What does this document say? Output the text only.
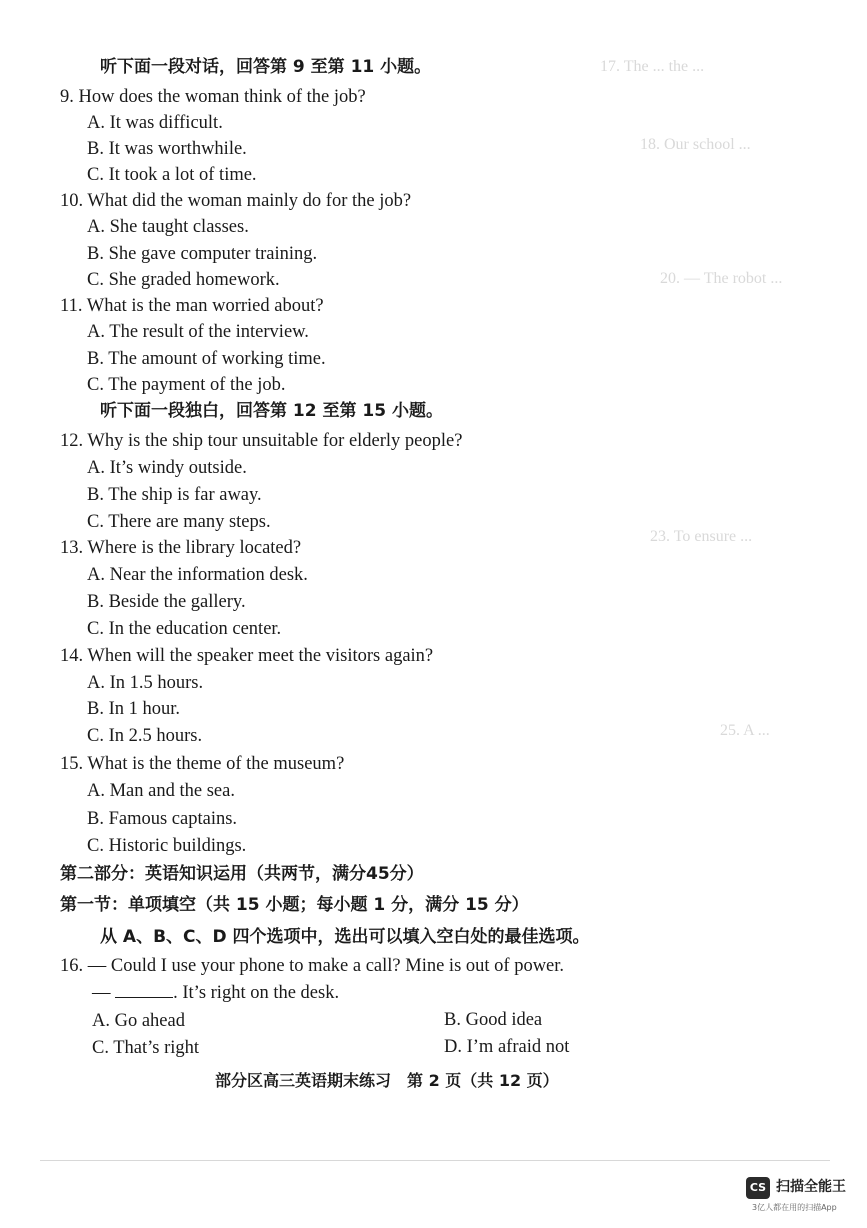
17. The ... the ...
18. Our school ...
20. — The robot ...
23. To ensure ...
25. A ...
听下面一段对话，回答第 9 至第 11 小题。
9. How does the woman think of the job?
A. It was difficult.
B. It was worthwhile.
C. It took a lot of time.
10. What did the woman mainly do for the job?
A. She taught classes.
B. She gave computer training.
C. She graded homework.
11. What is the man worried about?
A. The result of the interview.
B. The amount of working time.
C. The payment of the job.
听下面一段独白，回答第 12 至第 15 小题。
12. Why is the ship tour unsuitable for elderly people?
A. It’s windy outside.
B. The ship is far away.
C. There are many steps.
13. Where is the library located?
A. Near the information desk.
B. Beside the gallery.
C. In the education center.
14. When will the speaker meet the visitors again?
A. In 1.5 hours.
B. In 1 hour.
C. In 2.5 hours.
15. What is the theme of the museum?
A. Man and the sea.
B. Famous captains.
C. Historic buildings.
第二部分：英语知识运用（共两节，满分45分）
第一节：单项填空（共 15 小题；每小题 1 分，满分 15 分）
从 A、B、C、D 四个选项中，选出可以填入空白处的最佳选项。
16. — Could I use your phone to make a call? Mine is out of power.
—	. It’s right on the desk.
A. Go ahead	B. Good idea
C. That’s right	D. I’m afraid not
部分区高三英语期末练习　第 2 页（共 12 页）
CS 扫描全能王
3亿人都在用的扫描App
